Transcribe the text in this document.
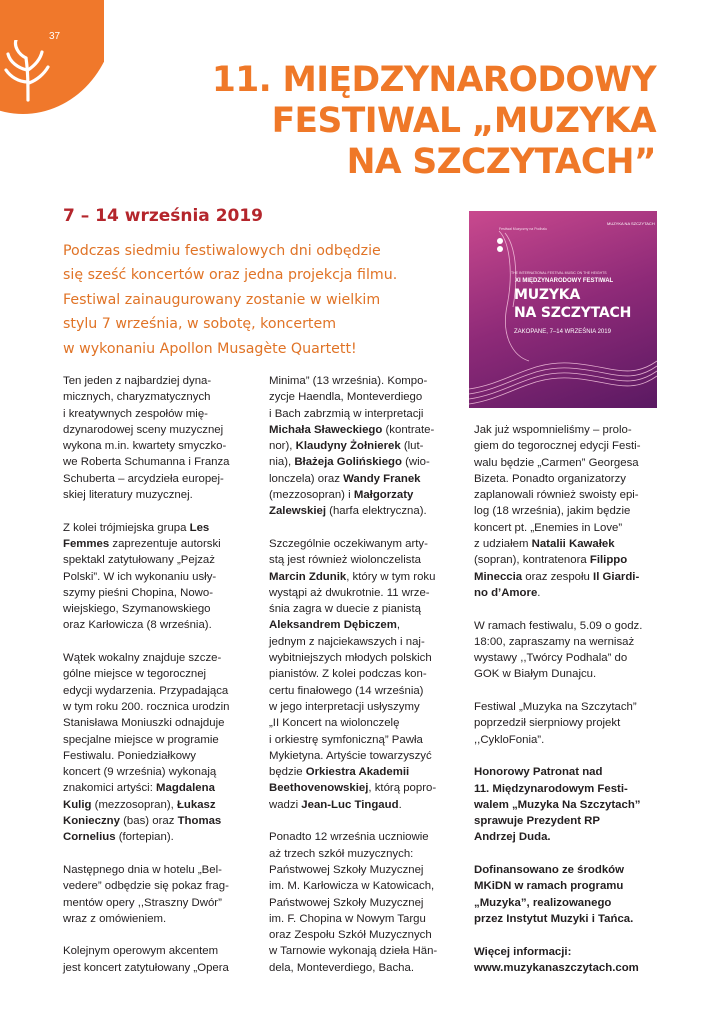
37
11. MIĘDZYNARODOWY
FESTIWAL „MUZYKA
NA SZCZYTACH”
7 – 14 września 2019
Podczas siedmiu festiwalowych dni odbędzie
się sześć koncertów oraz jedna projekcja filmu.
Festiwal zainaugurowany zostanie w wielkim
stylu 7 września, w sobotę, koncertem
w wykonaniu Apollon Musagète Quartett!
Festiwal Muzyczny na Podhalu
MUZYKA NA SZCZYTACH
THE INTERNATIONAL FESTIVAL MUSIC ON THE HEIGHTS
XI MIĘDZYNARODOWY FESTIWAL
MUZYKA
NA SZCZYTACH
ZAKOPANE, 7–14 WRZEŚNIA 2019

Ten jeden z najbardziej dyna-
micznych, charyzmatycznych
i kreatywnych zespołów mię-
dzynarodowej sceny muzycznej
wykona m.in. kwartety smyczko-
we Roberta Schumanna i Franza
Schuberta – arcydzieła europej-
skiej literatury muzycznej.

Z kolei trójmiejska grupa Les
Femmes zaprezentuje autorski
spektakl zatytułowany „Pejzaż
Polski”. W ich wykonaniu usły-
szymy pieśni Chopina, Nowo-
wiejskiego, Szymanowskiego
oraz Karłowicza (8 września).

Wątek wokalny znajduje szcze-
gólne miejsce w tegorocznej
edycji wydarzenia. Przypadająca
w tym roku 200. rocznica urodzin
Stanisława Moniuszki odnajduje
specjalne miejsce w programie
Festiwalu. Poniedziałkowy
koncert (9 września) wykonają
znakomici artyści: Magdalena
Kulig (mezzosopran), Łukasz
Konieczny (bas) oraz Thomas
Cornelius (fortepian).

Następnego dnia w hotelu „Bel-
vedere” odbędzie się pokaz frag-
mentów opery ,,Straszny Dwór”
wraz z omówieniem.

Kolejnym operowym akcentem
jest koncert zatytułowany „Opera

Minima” (13 września). Kompo-
zycje Haendla, Monteverdiego
i Bach zabrzmią w interpretacji
Michała Sławeckiego (kontrate-
nor), Klaudyny Żołnierek (lut-
nia), Błażeja Golińskiego (wio-
lonczela) oraz Wandy Franek
(mezzosopran) i Małgorzaty
Zalewskiej (harfa elektryczna).

Szczególnie oczekiwanym arty-
stą jest również wiolonczelista
Marcin Zdunik, który w tym roku
wystąpi aż dwukrotnie. 11 wrze-
śnia zagra w duecie z pianistą
Aleksandrem Dębiczem,
jednym z najciekawszych i naj-
wybitniejszych młodych polskich
pianistów. Z kolei podczas kon-
certu finałowego (14 września)
w jego interpretacji usłyszymy
„II Koncert na wiolonczelę
i orkiestrę symfoniczną” Pawła
Mykietyna. Artyście towarzyszyć
będzie Orkiestra Akademii
Beethovenowskiej, którą popro-
wadzi Jean-Luc Tingaud.

Ponadto 12 września uczniowie
aż trzech szkół muzycznych:
Państwowej Szkoły Muzycznej
im. M. Karłowicza w Katowicach,
Państwowej Szkoły Muzycznej
im. F. Chopina w Nowym Targu
oraz Zespołu Szkół Muzycznych
w Tarnowie wykonają dzieła Hän-
dela, Monteverdiego, Bacha.

Jak już wspomnieliśmy – prolo-
giem do tegorocznej edycji Festi-
walu będzie „Carmen” Georgesa
Bizeta. Ponadto organizatorzy
zaplanowali również swoisty epi-
log (18 września), jakim będzie
koncert pt. „Enemies in Love”
z udziałem Natalii Kawałek
(sopran), kontratenora Filippo
Mineccia oraz zespołu Il Giardi-
no d’Amore.

W ramach festiwalu, 5.09 o godz.
18:00, zapraszamy na wernisaż
wystawy ,,Twórcy Podhala” do
GOK w Białym Dunajcu.

Festiwal „Muzyka na Szczytach”
poprzedził sierpniowy projekt
,,CykloFonia”.

Honorowy Patronat nad
11. Międzynarodowym Festi-
walem „Muzyka Na Szczytach”
sprawuje Prezydent RP
Andrzej Duda.

Dofinansowano ze środków
MKiDN w ramach programu
„Muzyka”, realizowanego
przez Instytut Muzyki i Tańca.

Więcej informacji:
www.muzykanaszczytach.com
